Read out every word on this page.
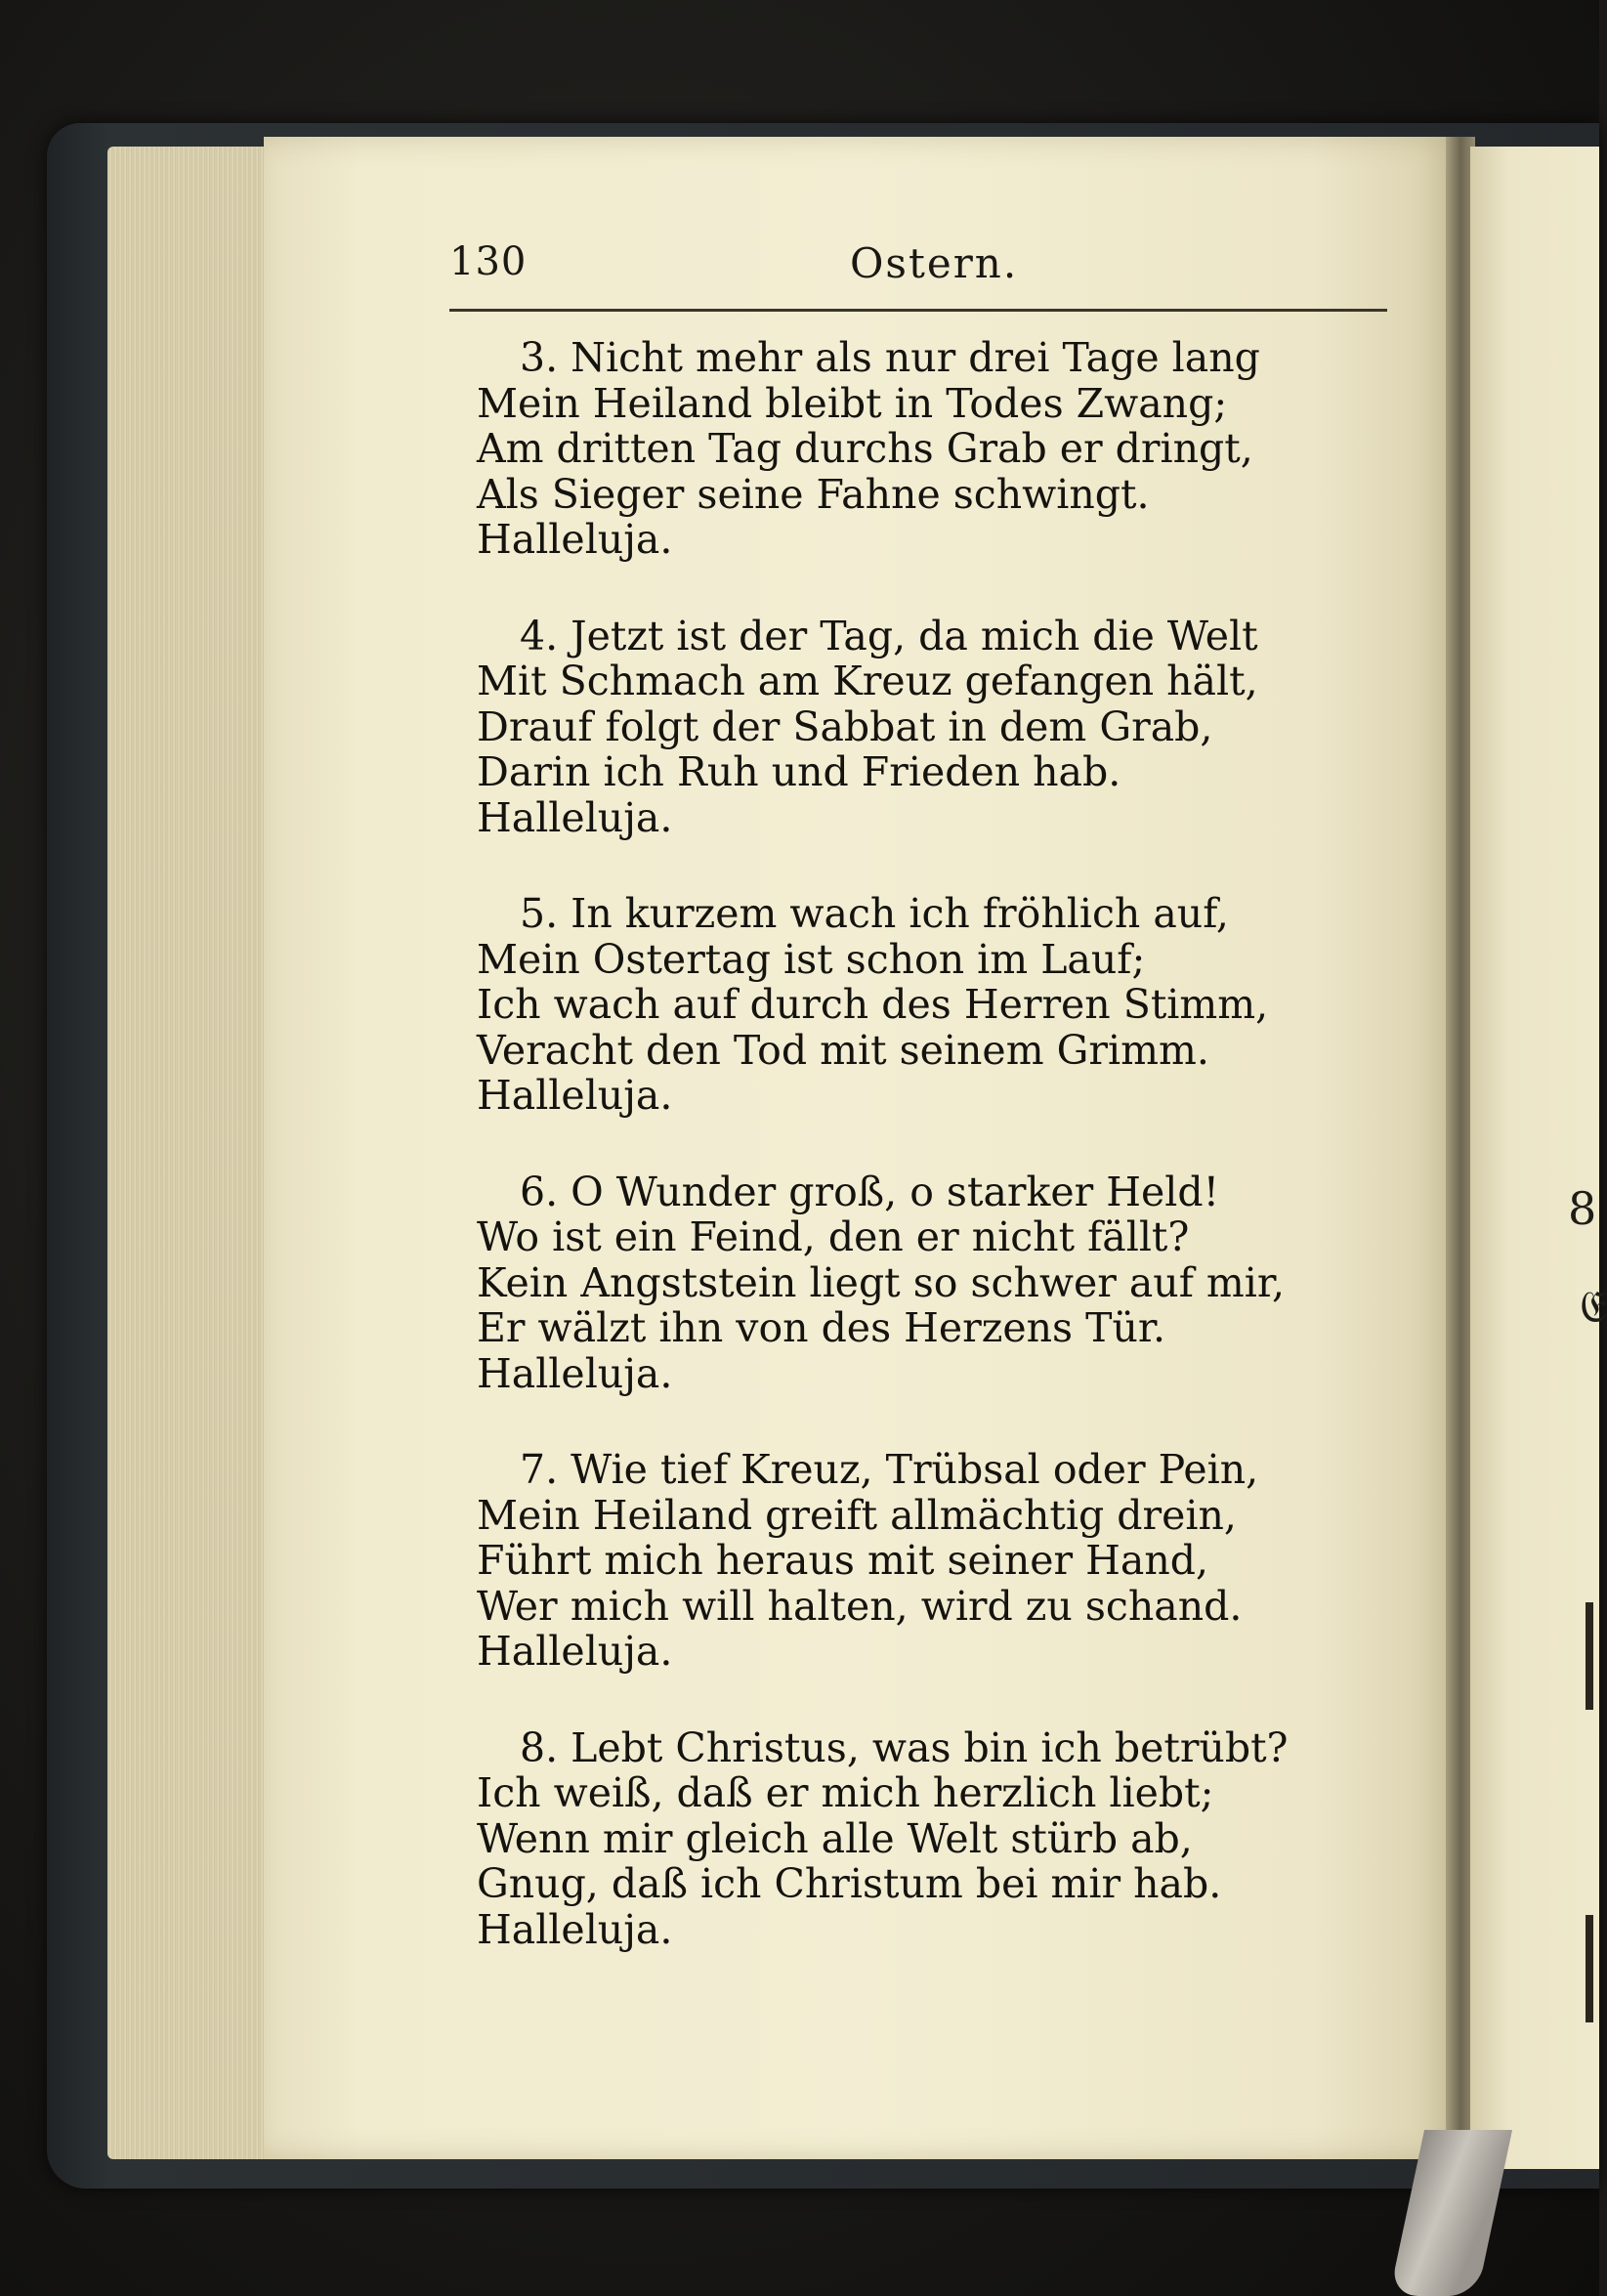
8
𝔈
130	Ostern.
3. Nicht mehr als nur drei Tage lang
Mein Heiland bleibt in Todes Zwang;
Am dritten Tag durchs Grab er dringt,
Als Sieger seine Fahne schwingt.
Halleluja.
4. Jetzt ist der Tag, da mich die Welt
Mit Schmach am Kreuz gefangen hält,
Drauf folgt der Sabbat in dem Grab,
Darin ich Ruh und Frieden hab.
Halleluja.
5. In kurzem wach ich fröhlich auf,
Mein Ostertag ist schon im Lauf;
Ich wach auf durch des Herren Stimm,
Veracht den Tod mit seinem Grimm.
Halleluja.
6. O Wunder groß, o starker Held!
Wo ist ein Feind, den er nicht fällt?
Kein Angststein liegt so schwer auf mir,
Er wälzt ihn von des Herzens Tür.
Halleluja.
7. Wie tief Kreuz, Trübsal oder Pein,
Mein Heiland greift allmächtig drein,
Führt mich heraus mit seiner Hand,
Wer mich will halten, wird zu schand.
Halleluja.
8. Lebt Christus, was bin ich betrübt?
Ich weiß, daß er mich herzlich liebt;
Wenn mir gleich alle Welt stürb ab,
Gnug, daß ich Christum bei mir hab.
Halleluja.
